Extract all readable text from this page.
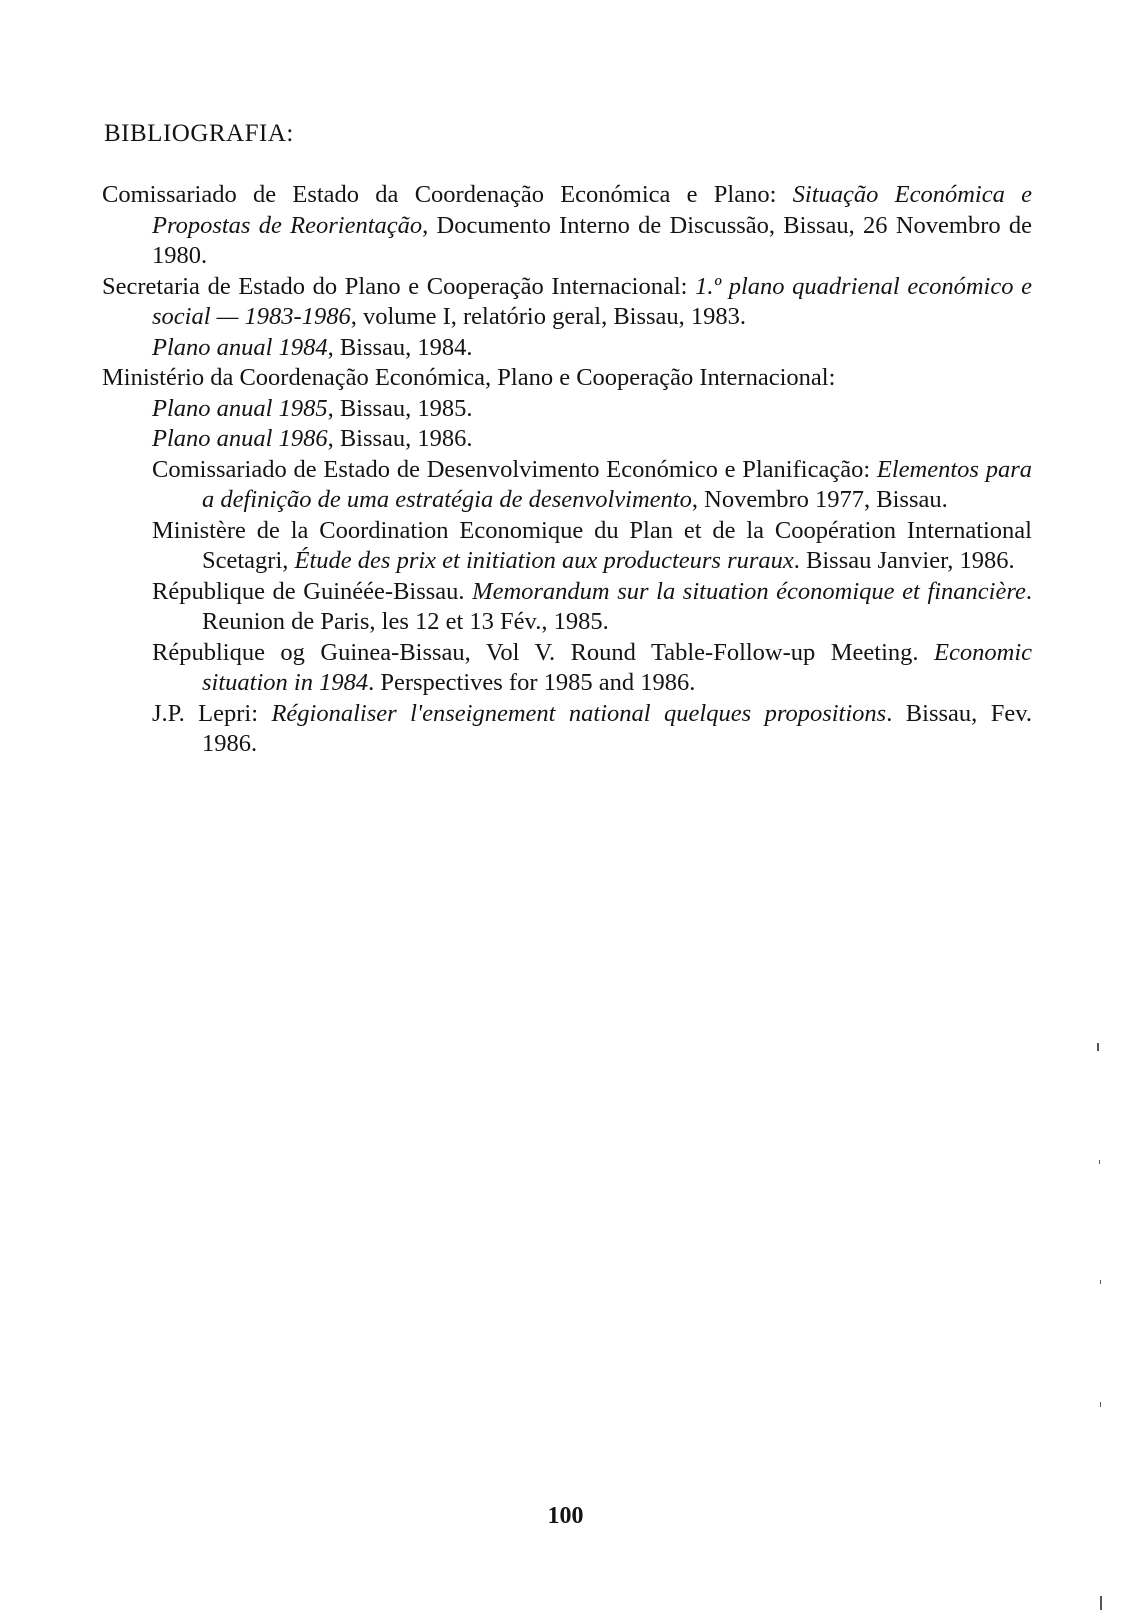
BIBLIOGRAFIA:

Comissariado de Estado da Coordenação Económica e Plano: Situação Económica e Propostas de Reorientação, Documento Interno de Discussão, Bissau, 26 Novembro de 1980.

Secretaria de Estado do Plano e Cooperação Internacional: 1.º plano quadrienal económico e social — 1983-1986, volume I, relatório geral, Bissau, 1983.

Plano anual 1984, Bissau, 1984.

Ministério da Coordenação Económica, Plano e Cooperação Internacional:

Plano anual 1985, Bissau, 1985.

Plano anual 1986, Bissau, 1986.

Comissariado de Estado de Desenvolvimento Económico e Planificação: Elementos para a definição de uma estratégia de desenvolvimento, Novembro 1977, Bissau.

Ministère de la Coordination Economique du Plan et de la Coopération International Scetagri, Étude des prix et initiation aux producteurs ruraux. Bissau Janvier, 1986.

République de Guinéée-Bissau. Memorandum sur la situation économique et financière. Reunion de Paris, les 12 et 13 Fév., 1985.

République og Guinea-Bissau, Vol V. Round Table-Follow-up Meeting. Economic situation in 1984. Perspectives for 1985 and 1986.

J.P. Lepri: Régionaliser l'enseignement national quelques propositions. Bissau, Fev. 1986.

100
